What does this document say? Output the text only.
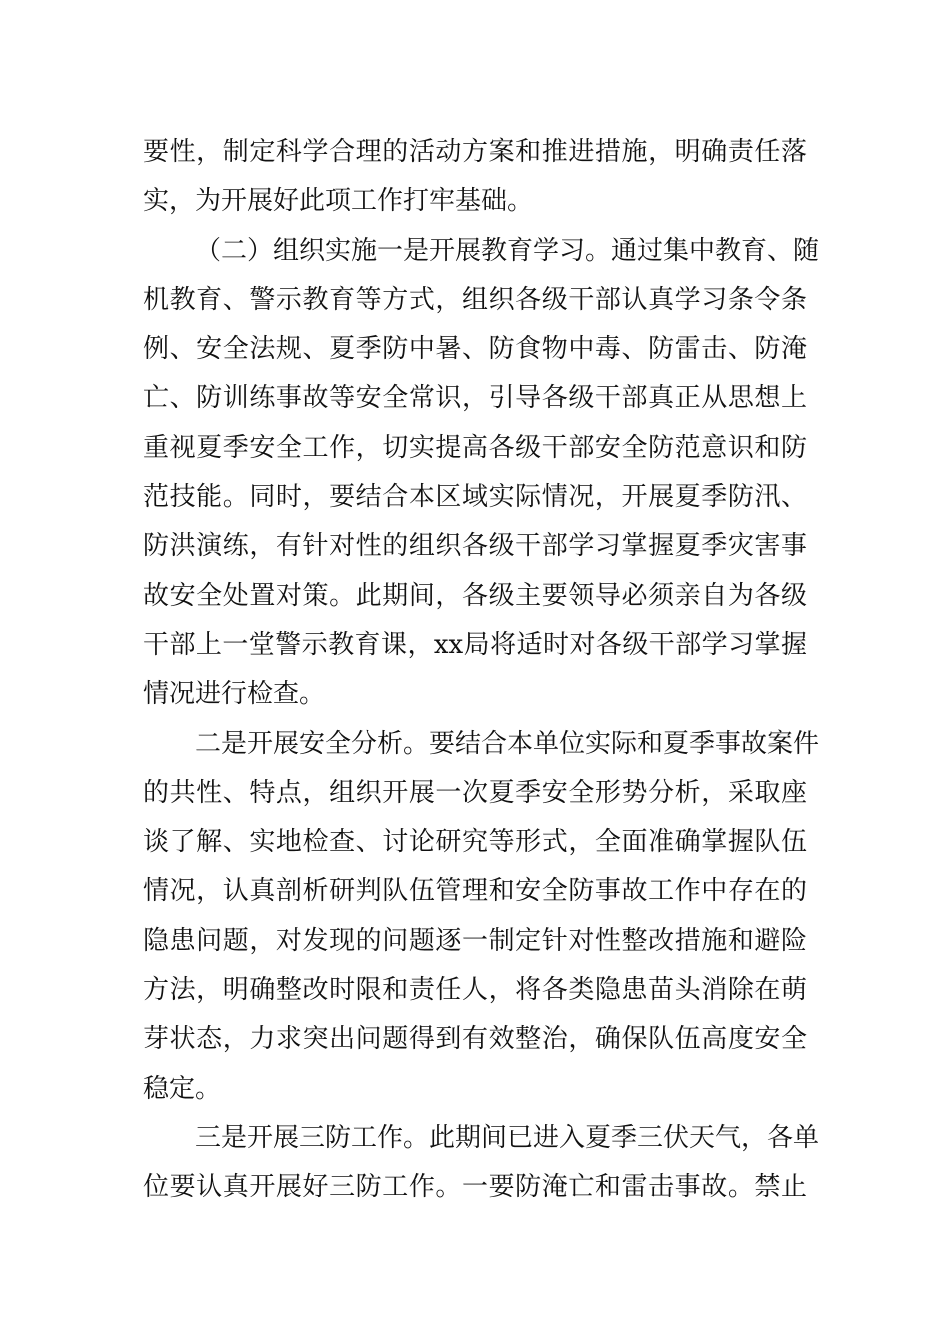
要性，制定科学合理的活动方案和推进措施，明确责任落
实，为开展好此项工作打牢基础。
（二）组织实施一是开展教育学习。通过集中教育、随
机教育、警示教育等方式，组织各级干部认真学习条令条
例、安全法规、夏季防中暑、防食物中毒、防雷击、防淹
亡、防训练事故等安全常识，引导各级干部真正从思想上
重视夏季安全工作，切实提高各级干部安全防范意识和防
范技能。同时，要结合本区域实际情况，开展夏季防汛、
防洪演练，有针对性的组织各级干部学习掌握夏季灾害事
故安全处置对策。此期间，各级主要领导必须亲自为各级
干部上一堂警示教育课，xx局将适时对各级干部学习掌握
情况进行检查。
二是开展安全分析。要结合本单位实际和夏季事故案件
的共性、特点，组织开展一次夏季安全形势分析，采取座
谈了解、实地检查、讨论研究等形式，全面准确掌握队伍
情况，认真剖析研判队伍管理和安全防事故工作中存在的
隐患问题，对发现的问题逐一制定针对性整改措施和避险
方法，明确整改时限和责任人，将各类隐患苗头消除在萌
芽状态，力求突出问题得到有效整治，确保队伍高度安全
稳定。
三是开展三防工作。此期间已进入夏季三伏天气，各单
位要认真开展好三防工作。一要防淹亡和雷击事故。禁止
